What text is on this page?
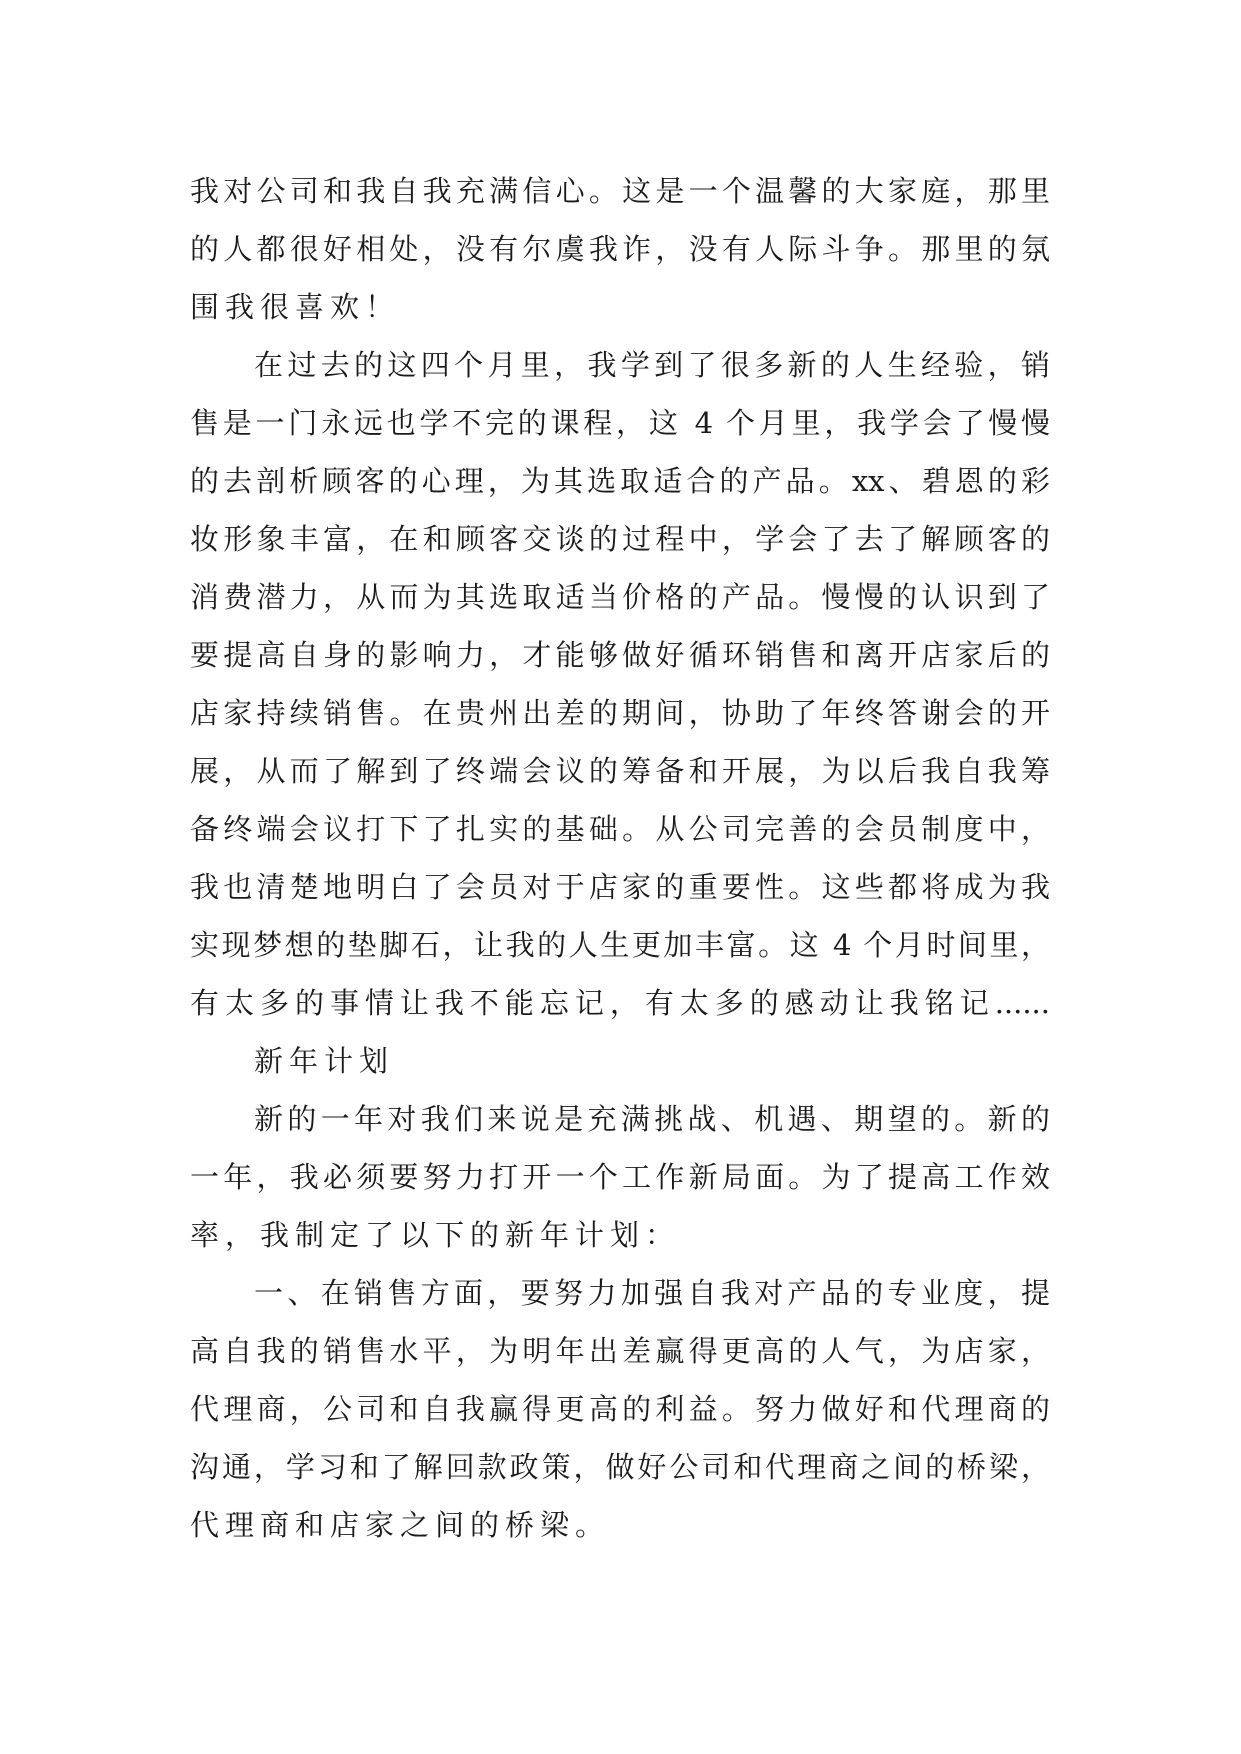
我对公司和我自我充满信心。这是一个温馨的大家庭，那里
的人都很好相处，没有尔虞我诈，没有人际斗争。那里的氛
围我很喜欢！
在过去的这四个月里，我学到了很多新的人生经验，销
售是一门永远也学不完的课程，这 4 个月里，我学会了慢慢
的去剖析顾客的心理，为其选取适合的产品。xx、碧恩的彩
妆形象丰富，在和顾客交谈的过程中，学会了去了解顾客的
消费潜力，从而为其选取适当价格的产品。慢慢的认识到了
要提高自身的影响力，才能够做好循环销售和离开店家后的
店家持续销售。在贵州出差的期间，协助了年终答谢会的开
展，从而了解到了终端会议的筹备和开展，为以后我自我筹
备终端会议打下了扎实的基础。从公司完善的会员制度中，
我也清楚地明白了会员对于店家的重要性。这些都将成为我
实现梦想的垫脚石，让我的人生更加丰富。这 4 个月时间里，
有太多的事情让我不能忘记，有太多的感动让我铭记......
新年计划
新的一年对我们来说是充满挑战、机遇、期望的。新的
一年，我必须要努力打开一个工作新局面。为了提高工作效
率，我制定了以下的新年计划：
一、在销售方面，要努力加强自我对产品的专业度，提
高自我的销售水平，为明年出差赢得更高的人气，为店家，
代理商，公司和自我赢得更高的利益。努力做好和代理商的
沟通，学习和了解回款政策，做好公司和代理商之间的桥梁，
代理商和店家之间的桥梁。
